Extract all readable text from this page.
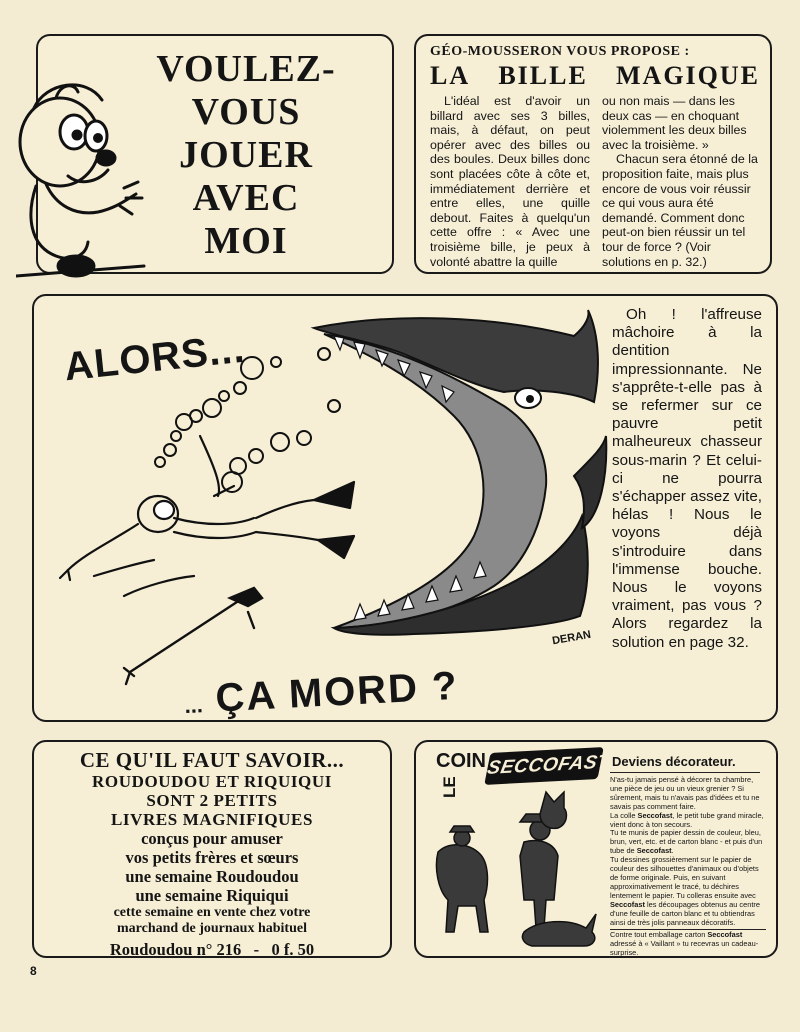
VOULEZ-
VOUS
JOUER
AVEC
MOI
GÉO-MOUSSERON VOUS PROPOSE :
LA BILLE MAGIQUE

L'idéal est d'avoir un billard avec ses 3 billes, mais, à défaut, on peut opérer avec des billes ou des boules. Deux billes donc sont placées côte à côte et, immédiatement derrière et entre elles, une quille debout. Faites à quelqu'un cette offre : « Avec une troisième bille, je peux à volonté abattre la quille

ou non mais — dans les deux cas — en choquant violemment les deux billes avec la troisième. »

Chacun sera étonné de la proposition faite, mais plus encore de vous voir réussir ce qui vous aura été demandé. Comment donc peut-on bien réussir un tel tour de force ? (Voir solutions en p. 32.)

ALORS...
... ÇA MORD ?
DERAN

Oh ! l'affreuse mâchoire à la dentition impressionnante. Ne s'apprête-t-elle pas à se refermer sur ce pauvre petit malheureux chasseur sous-marin ? Et celui-ci ne pourra s'échapper assez vite, hélas ! Nous le voyons déjà s'introduire dans l'immense bouche. Nous le voyons vraiment, pas vous ? Alors regardez la solution en page 32.

CE QU'IL FAUT SAVOIR...
ROUDOUDOU ET RIQUIQUI
SONT 2 PETITS
LIVRES MAGNIFIQUES
conçus pour amuser
vos petits frères et sœurs
une semaine Roudoudou
une semaine Riquiqui
cette semaine en vente chez votre
marchand de journaux habituel
Roudoudou n° 216 - 0 f. 50
LE
COIN SECCOFAST Deviens décorateur.

N'as-tu jamais pensé à décorer ta chambre, une pièce de jeu ou un vieux grenier ? Si sûrement, mais tu n'avais pas d'idées et tu ne savais pas comment faire.

La colle Seccofast, le petit tube grand miracle, vient donc à ton secours.

Tu te munis de papier dessin de couleur, bleu, brun, vert, etc. et de carton blanc - et puis d'un tube de Seccofast.

Tu dessines grossièrement sur le papier de couleur des silhouettes d'animaux ou d'objets de forme originale. Puis, en suivant approximativement le tracé, tu déchires lentement le papier. Tu colleras ensuite avec Seccofast les découpages obtenus au centre d'une feuille de carton blanc et tu obtiendras ainsi de très jolis panneaux décoratifs.

Contre tout emballage carton Seccofast adressé à « Vaillant » tu recevras un cadeau-surprise.

8
